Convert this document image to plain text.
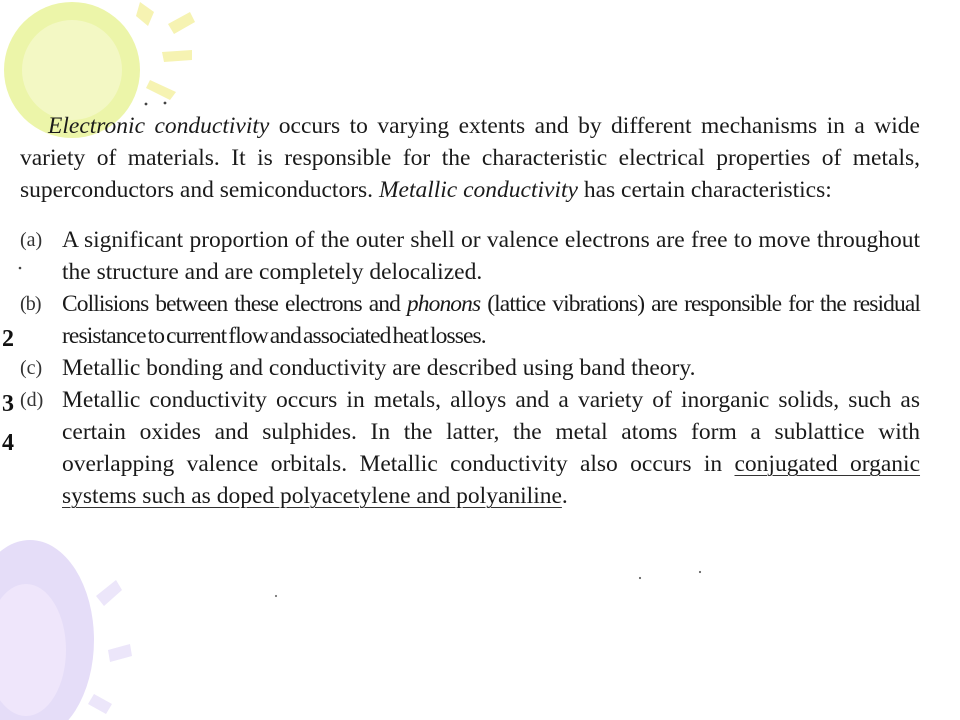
Electronic conductivity occurs to varying extents and by different mechanisms in a wide variety of materials. It is responsible for the characteristic electrical properties of metals, superconductors and semiconductors. Metallic conductivity has certain characteristics:

(a) A significant proportion of the outer shell or valence electrons are free to move throughout the structure and are completely delocalized.
(b) Collisions between these electrons and phonons (lattice vibrations) are responsible for the residual resistance to current flow and associated heat losses.
(c) Metallic bonding and conductivity are described using band theory.
(d) Metallic conductivity occurs in metals, alloys and a variety of inorganic solids, such as certain oxides and sulphides. In the latter, the metal atoms form a sublattice with overlapping valence orbitals. Metallic conductivity also occurs in conjugated organic systems such as doped polyacetylene and polyaniline.
2
3
4
